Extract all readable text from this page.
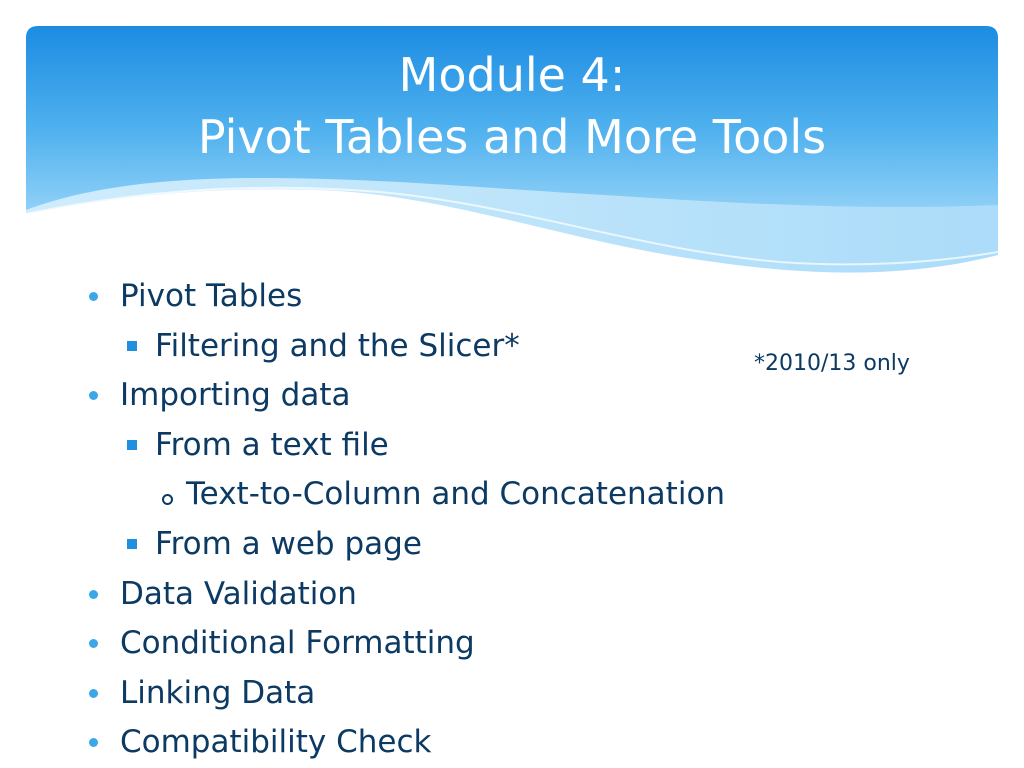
Module 4:
Pivot Tables and More Tools
*2010/13 only
Pivot Tables
Filtering and the Slicer*
Importing data
From a text file
Text-to-Column and Concatenation
From a web page
Data Validation
Conditional Formatting
Linking Data
Compatibility Check
